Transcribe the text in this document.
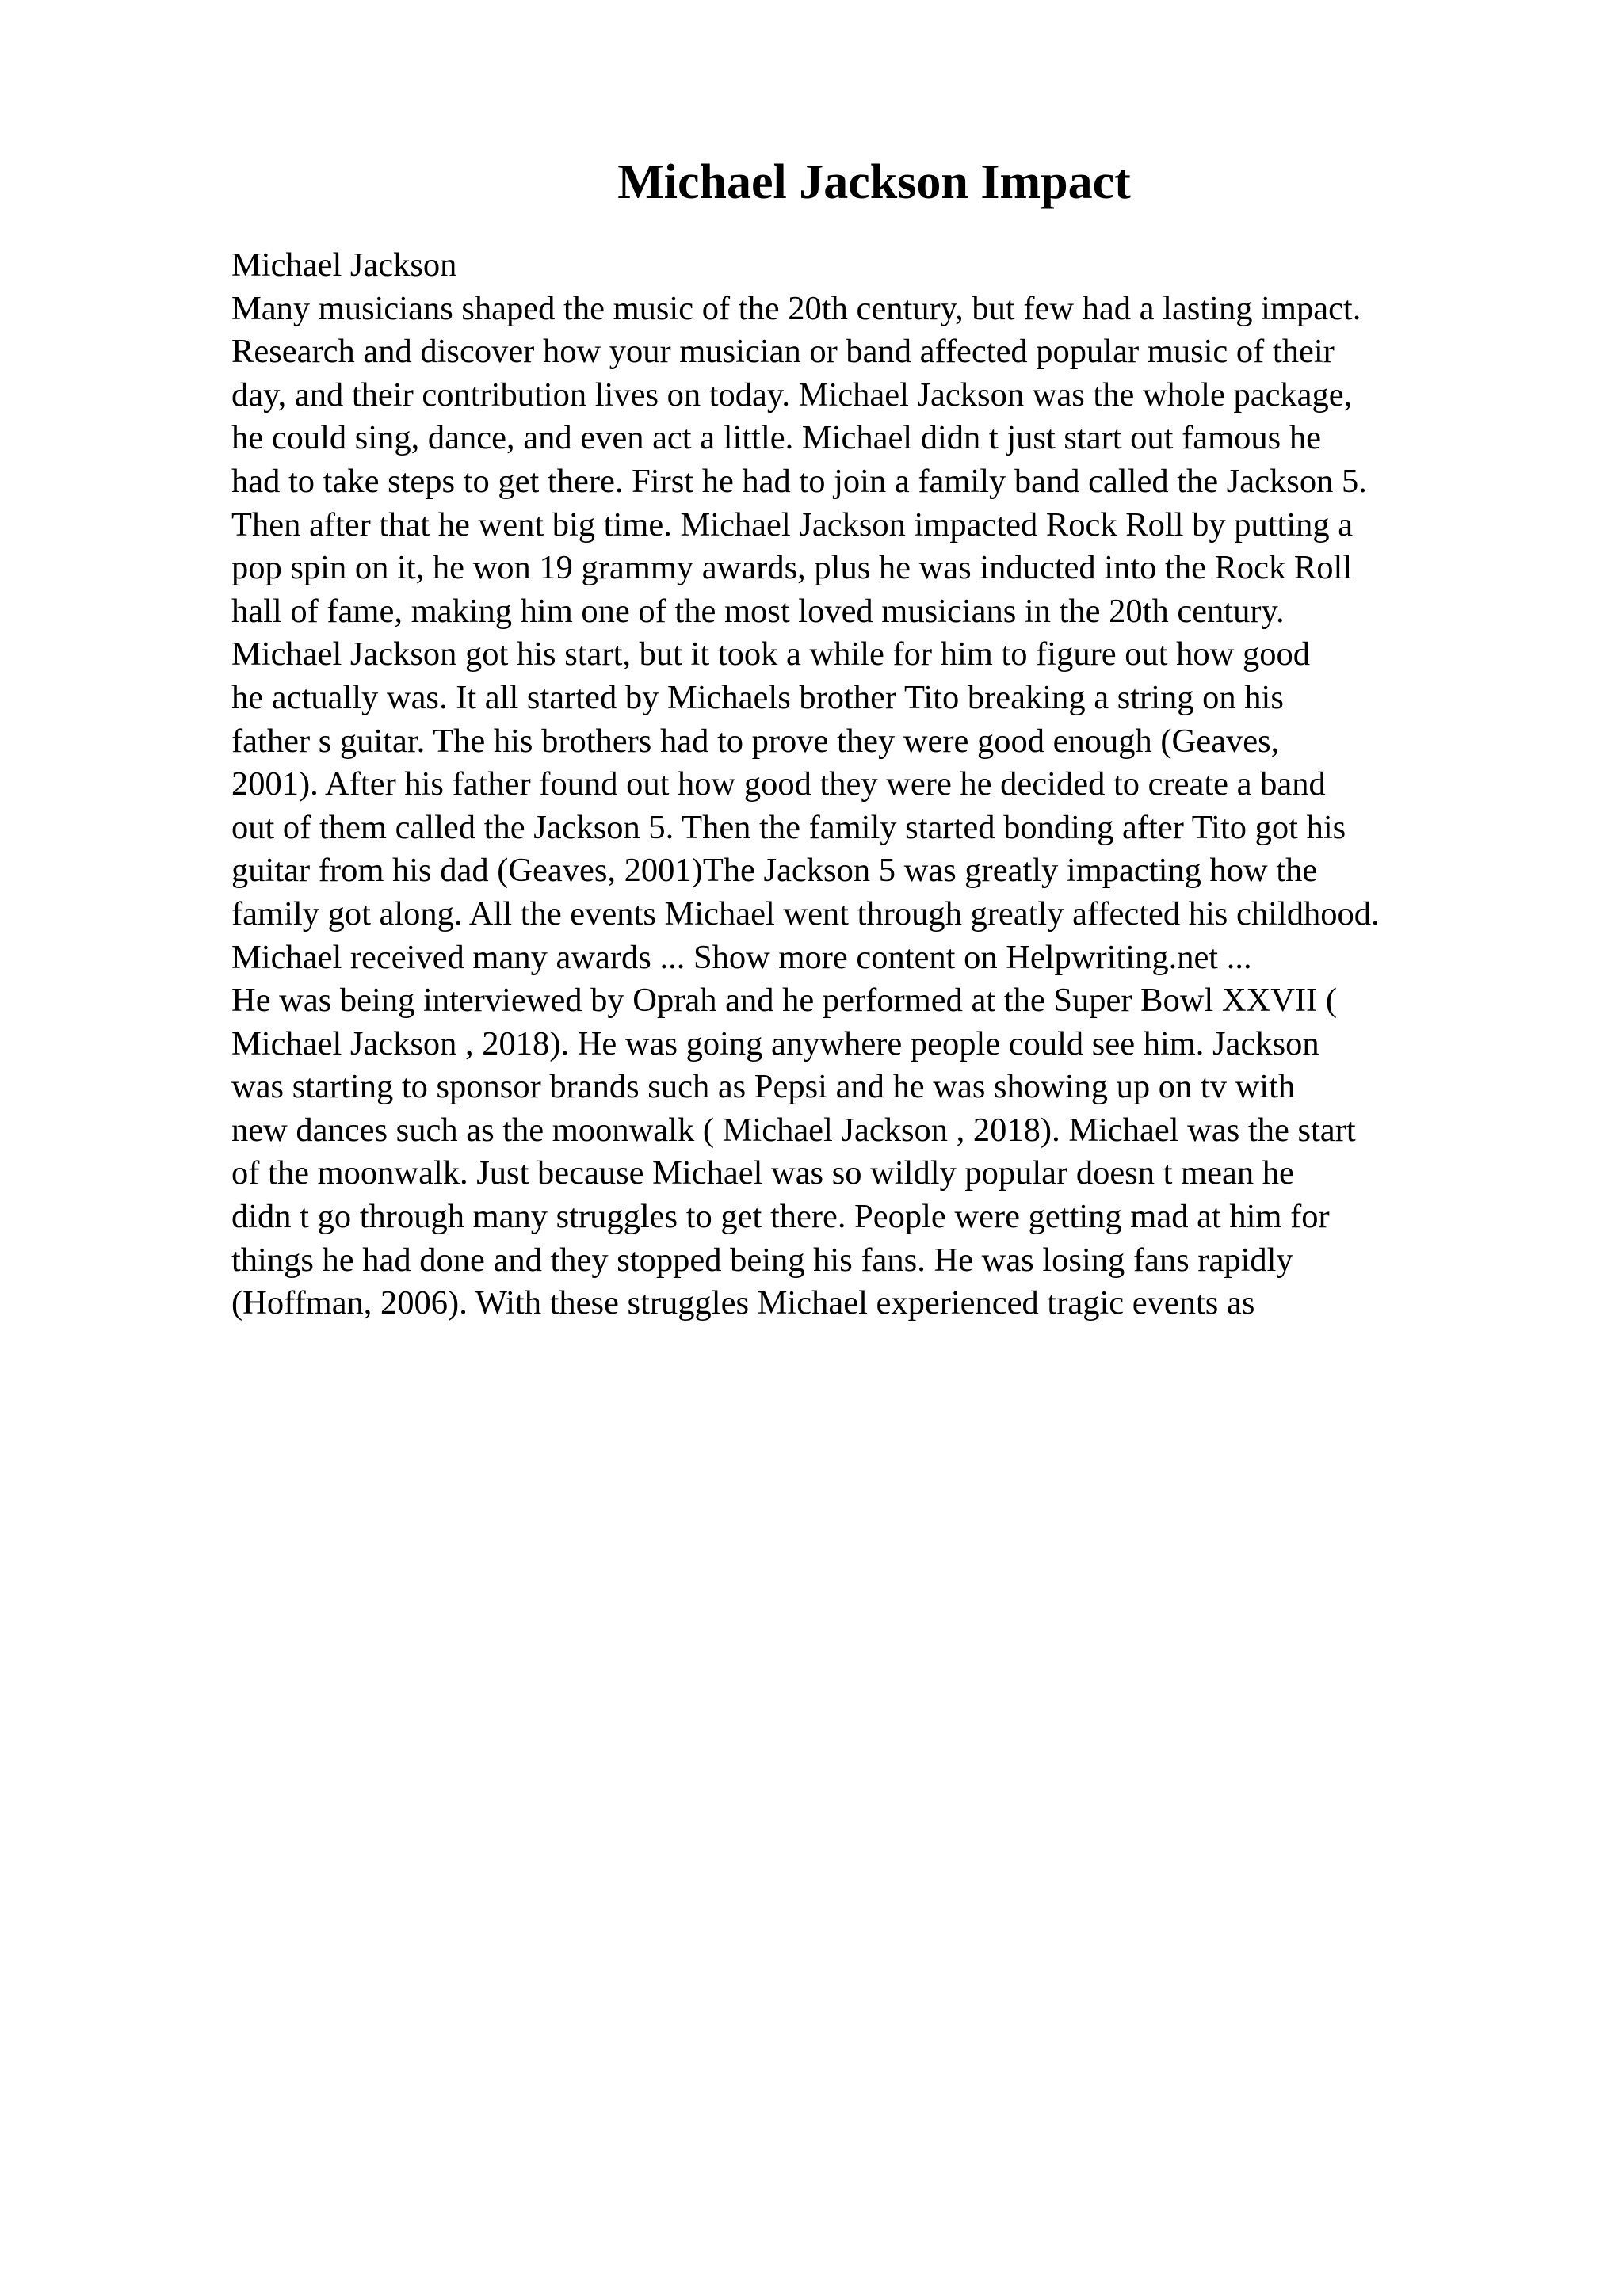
Michael Jackson Impact
Michael Jackson
Many musicians shaped the music of the 20th century, but few had a lasting impact.
Research and discover how your musician or band affected popular music of their
day, and their contribution lives on today. Michael Jackson was the whole package,
he could sing, dance, and even act a little. Michael didn t just start out famous he
had to take steps to get there. First he had to join a family band called the Jackson 5.
Then after that he went big time. Michael Jackson impacted Rock Roll by putting a
pop spin on it, he won 19 grammy awards, plus he was inducted into the Rock Roll
hall of fame, making him one of the most loved musicians in the 20th century.
Michael Jackson got his start, but it took a while for him to figure out how good
he actually was. It all started by Michaels brother Tito breaking a string on his
father s guitar. The his brothers had to prove they were good enough (Geaves,
2001). After his father found out how good they were he decided to create a band
out of them called the Jackson 5. Then the family started bonding after Tito got his
guitar from his dad (Geaves, 2001)The Jackson 5 was greatly impacting how the
family got along. All the events Michael went through greatly affected his childhood.
Michael received many awards ... Show more content on Helpwriting.net ...
He was being interviewed by Oprah and he performed at the Super Bowl XXVII (
Michael Jackson , 2018). He was going anywhere people could see him. Jackson
was starting to sponsor brands such as Pepsi and he was showing up on tv with
new dances such as the moonwalk ( Michael Jackson , 2018). Michael was the start
of the moonwalk. Just because Michael was so wildly popular doesn t mean he
didn t go through many struggles to get there. People were getting mad at him for
things he had done and they stopped being his fans. He was losing fans rapidly
(Hoffman, 2006). With these struggles Michael experienced tragic events as
